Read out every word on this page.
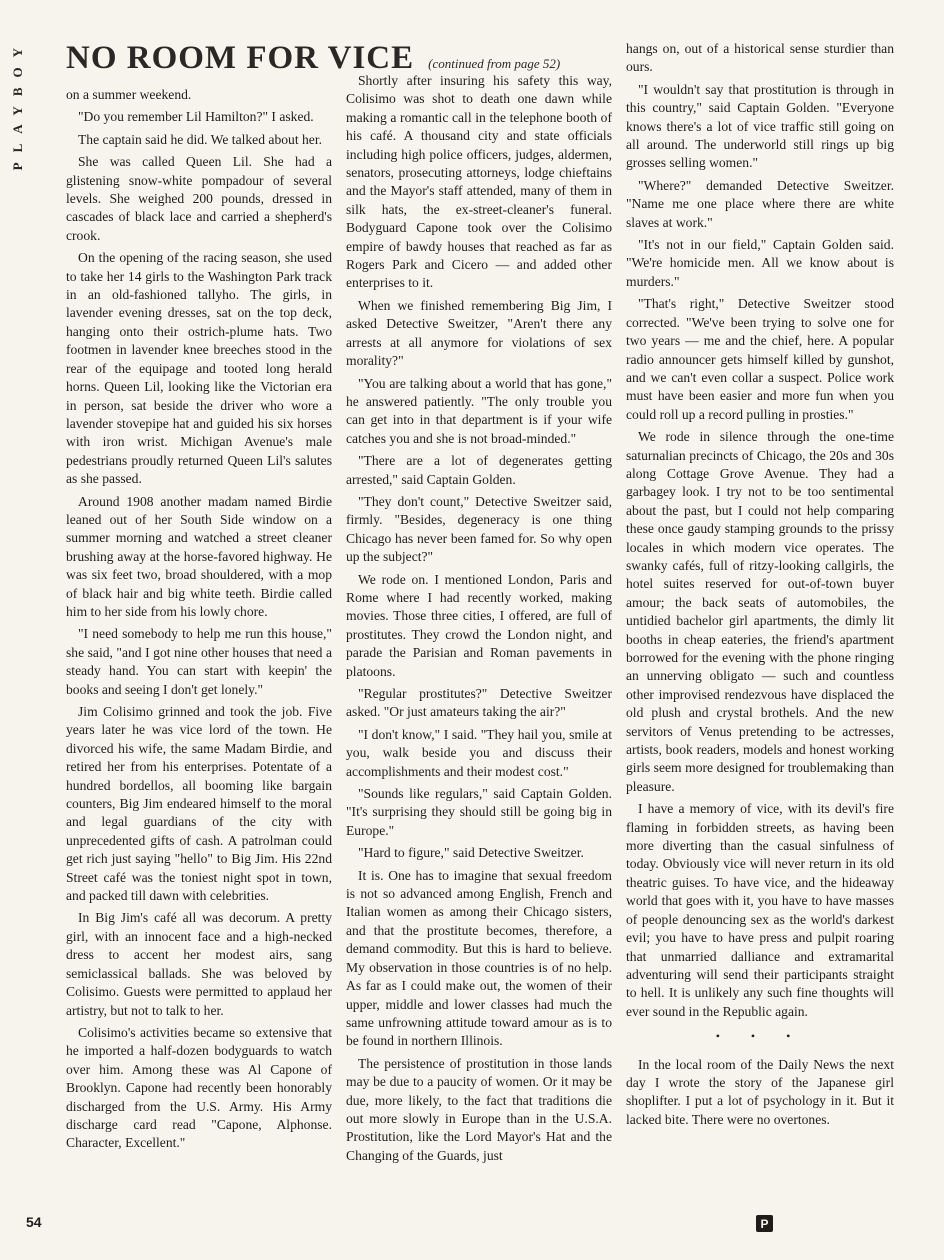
PLAYBOY NO ROOM FOR VICE (continued from page 52)

on a summer weekend.

"Do you remember Lil Hamilton?" I asked.

The captain said he did. We talked about her.

She was called Queen Lil. She had a glistening snow-white pompadour of several levels. She weighed 200 pounds, dressed in cascades of black lace and carried a shepherd's crook.

On the opening of the racing season, she used to take her 14 girls to the Washington Park track in an old-fashioned tallyho. The girls, in lavender evening dresses, sat on the top deck, hanging onto their ostrich-plume hats. Two footmen in lavender knee breeches stood in the rear of the equipage and tooted long herald horns. Queen Lil, looking like the Victorian era in person, sat beside the driver who wore a lavender stovepipe hat and guided his six horses with iron wrist. Michigan Avenue's male pedestrians proudly returned Queen Lil's salutes as she passed.

Around 1908 another madam named Birdie leaned out of her South Side window on a summer morning and watched a street cleaner brushing away at the horse-favored highway. He was six feet two, broad shouldered, with a mop of black hair and big white teeth. Birdie called him to her side from his lowly chore.

"I need somebody to help me run this house," she said, "and I got nine other houses that need a steady hand. You can start with keepin' the books and seeing I don't get lonely."

Jim Colisimo grinned and took the job. Five years later he was vice lord of the town. He divorced his wife, the same Madam Birdie, and retired her from his enterprises. Potentate of a hundred bordellos, all booming like bargain counters, Big Jim endeared himself to the moral and legal guardians of the city with unprecedented gifts of cash. A patrolman could get rich just saying "hello" to Big Jim. His 22nd Street café was the toniest night spot in town, and packed till dawn with celebrities.

In Big Jim's café all was decorum. A pretty girl, with an innocent face and a high-necked dress to accent her modest airs, sang semiclassical ballads. She was beloved by Colisimo. Guests were permitted to applaud her artistry, but not to talk to her.

Colisimo's activities became so extensive that he imported a half-dozen bodyguards to watch over him. Among these was Al Capone of Brooklyn. Capone had recently been honorably discharged from the U.S. Army. His Army discharge card read "Capone, Alphonse. Character, Excellent."

Shortly after insuring his safety this way, Colisimo was shot to death one dawn while making a romantic call in the telephone booth of his café. A thousand city and state officials including high police officers, judges, aldermen, senators, prosecuting attorneys, lodge chieftains and the Mayor's staff attended, many of them in silk hats, the ex-street-cleaner's funeral. Bodyguard Capone took over the Colisimo empire of bawdy houses that reached as far as Rogers Park and Cicero — and added other enterprises to it.

When we finished remembering Big Jim, I asked Detective Sweitzer, "Aren't there any arrests at all anymore for violations of sex morality?"

"You are talking about a world that has gone," he answered patiently. "The only trouble you can get into in that department is if your wife catches you and she is not broad-minded."

"There are a lot of degenerates getting arrested," said Captain Golden.

"They don't count," Detective Sweitzer said, firmly. "Besides, degeneracy is one thing Chicago has never been famed for. So why open up the subject?"

We rode on. I mentioned London, Paris and Rome where I had recently worked, making movies. Those three cities, I offered, are full of prostitutes. They crowd the London night, and parade the Parisian and Roman pavements in platoons.

"Regular prostitutes?" Detective Sweitzer asked. "Or just amateurs taking the air?"

"I don't know," I said. "They hail you, smile at you, walk beside you and discuss their accomplishments and their modest cost."

"Sounds like regulars," said Captain Golden. "It's surprising they should still be going big in Europe."

"Hard to figure," said Detective Sweitzer.

It is. One has to imagine that sexual freedom is not so advanced among English, French and Italian women as among their Chicago sisters, and that the prostitute becomes, therefore, a demand commodity. But this is hard to believe. My observation in those countries is of no help. As far as I could make out, the women of their upper, middle and lower classes had much the same unfrowning attitude toward amour as is to be found in northern Illinois.

The persistence of prostitution in those lands may be due to a paucity of women. Or it may be due, more likely, to the fact that traditions die out more slowly in Europe than in the U.S.A. Prostitution, like the Lord Mayor's Hat and the Changing of the Guards, just

hangs on, out of a historical sense sturdier than ours.

"I wouldn't say that prostitution is through in this country," said Captain Golden. "Everyone knows there's a lot of vice traffic still going on all around. The underworld still rings up big grosses selling women."

"Where?" demanded Detective Sweitzer. "Name me one place where there are white slaves at work."

"It's not in our field," Captain Golden said. "We're homicide men. All we know about is murders."

"That's right," Detective Sweitzer stood corrected. "We've been trying to solve one for two years — me and the chief, here. A popular radio announcer gets himself killed by gunshot, and we can't even collar a suspect. Police work must have been easier and more fun when you could roll up a record pulling in prosties."

We rode in silence through the one-time saturnalian precincts of Chicago, the 20s and 30s along Cottage Grove Avenue. They had a garbagey look. I try not to be too sentimental about the past, but I could not help comparing these once gaudy stamping grounds to the prissy locales in which modern vice operates. The swanky cafés, full of ritzy-looking callgirls, the hotel suites reserved for out-of-town buyer amour; the back seats of automobiles, the untidied bachelor girl apartments, the dimly lit booths in cheap eateries, the friend's apartment borrowed for the evening with the phone ringing an unnerving obligato — such and countless other improvised rendezvous have displaced the old plush and crystal brothels. And the new servitors of Venus pretending to be actresses, artists, book readers, models and honest working girls seem more designed for troublemaking than pleasure.

I have a memory of vice, with its devil's fire flaming in forbidden streets, as having been more diverting than the casual sinfulness of today. Obviously vice will never return in its old theatric guises. To have vice, and the hideaway world that goes with it, you have to have masses of people denouncing sex as the world's darkest evil; you have to have press and pulpit roaring that unmarried dalliance and extramarital adventuring will send their participants straight to hell. It is unlikely any such fine thoughts will ever sound in the Republic again.

• • •

In the local room of the Daily News the next day I wrote the story of the Japanese girl shoplifter. I put a lot of psychology in it. But it lacked bite. There were no overtones.

54	P
